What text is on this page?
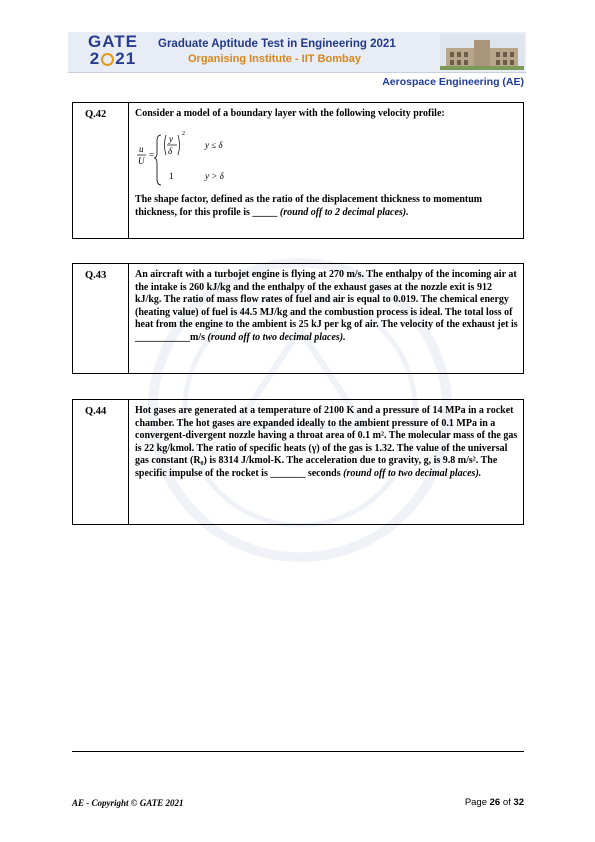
GATE
2 21
Graduate Aptitude Test in Engineering 2021
Organising Institute - IIT Bombay
Aerospace Engineering (AE)
Q.42	Consider a model of a boundary layer with the following velocity profile:
u
U
=
y
δ
2
y ≤ δ
1	y > δ
The shape factor, defined as the ratio of the displacement thickness to momentum thickness, for this profile is _____ (round off to 2 decimal places).
Q.43	An aircraft with a turbojet engine is flying at 270 m/s. The enthalpy of the incoming air at the intake is 260 kJ/kg and the enthalpy of the exhaust gases at the nozzle exit is 912 kJ/kg. The ratio of mass flow rates of fuel and air is equal to 0.019. The chemical energy (heating value) of fuel is 44.5 MJ/kg and the combustion process is ideal. The total loss of heat from the engine to the ambient is 25 kJ per kg of air. The velocity of the exhaust jet is ___________m/s (round off to two decimal places).
Q.44	Hot gases are generated at a temperature of 2100 K and a pressure of 14 MPa in a rocket chamber. The hot gases are expanded ideally to the ambient pressure of 0.1 MPa in a convergent-divergent nozzle having a throat area of 0.1 m². The molecular mass of the gas is 22 kg/kmol. The ratio of specific heats (γ) of the gas is 1.32. The value of the universal gas constant (R₀) is 8314 J/kmol-K. The acceleration due to gravity, g, is 9.8 m/s². The specific impulse of the rocket is _______ seconds (round off to two decimal places).
AE - Copyright © GATE 2021	Page 26 of 32
